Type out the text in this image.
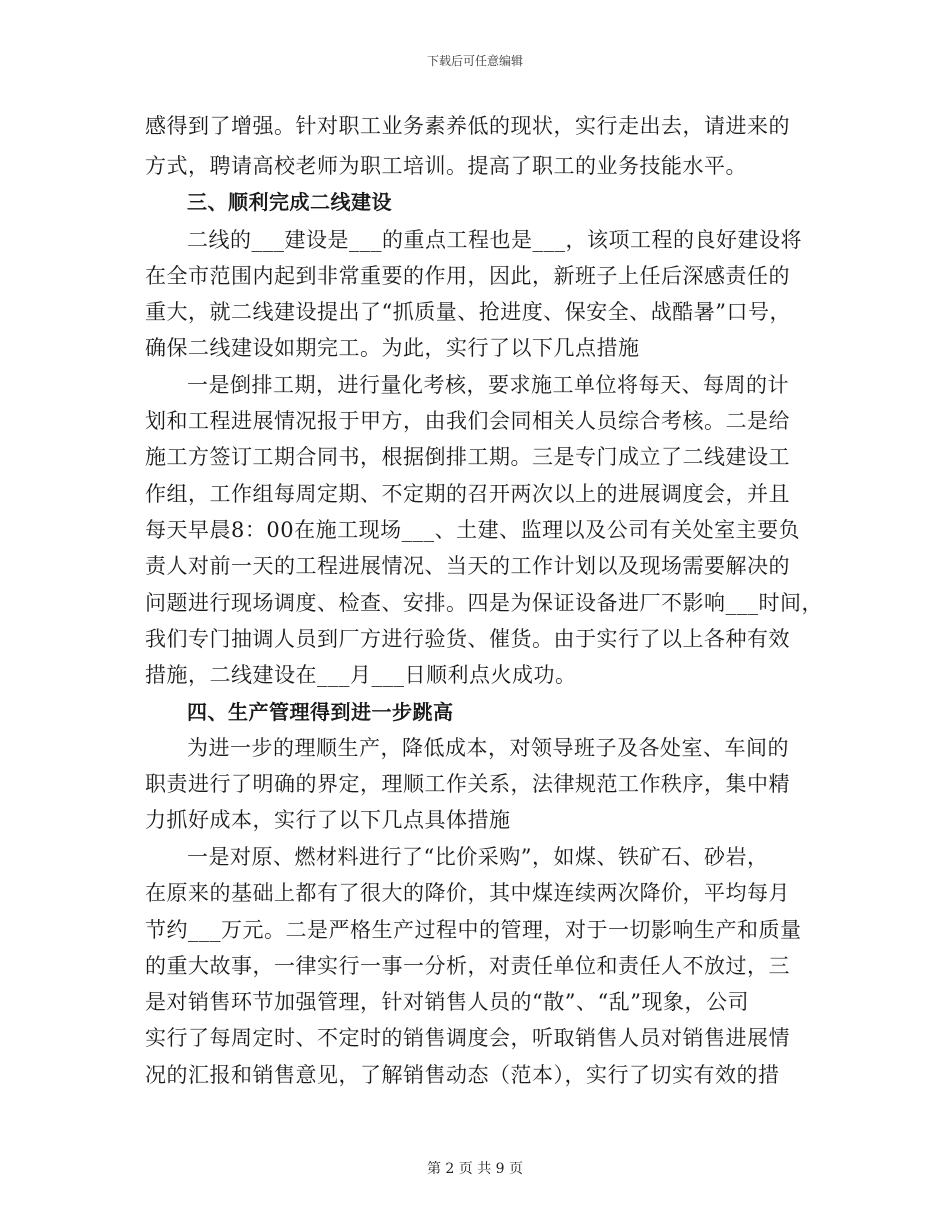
下载后可任意编辑
感得到了增强。针对职工业务素养低的现状，实行走出去，请进来的
方式，聘请高校老师为职工培训。提高了职工的业务技能水平。
三、顺利完成二线建设
二线的___建设是___的重点工程也是___，该项工程的良好建设将
在全市范围内起到非常重要的作用，因此，新班子上任后深感责任的
重大，就二线建设提出了“抓质量、抢进度、保安全、战酷暑”口号，
确保二线建设如期完工。为此，实行了以下几点措施
一是倒排工期，进行量化考核，要求施工单位将每天、每周的计
划和工程进展情况报于甲方，由我们会同相关人员综合考核。二是给
施工方签订工期合同书，根据倒排工期。三是专门成立了二线建设工
作组，工作组每周定期、不定期的召开两次以上的进展调度会，并且
每天早晨8：00在施工现场___、土建、监理以及公司有关处室主要负
责人对前一天的工程进展情况、当天的工作计划以及现场需要解决的
问题进行现场调度、检查、安排。四是为保证设备进厂不影响___时间，
我们专门抽调人员到厂方进行验货、催货。由于实行了以上各种有效
措施，二线建设在___月___日顺利点火成功。
四、生产管理得到进一步跳高
为进一步的理顺生产，降低成本，对领导班子及各处室、车间的
职责进行了明确的界定，理顺工作关系，法律规范工作秩序，集中精
力抓好成本，实行了以下几点具体措施
一是对原、燃材料进行了“比价采购”，如煤、铁矿石、砂岩，
在原来的基础上都有了很大的降价，其中煤连续两次降价，平均每月
节约___万元。二是严格生产过程中的管理，对于一切影响生产和质量
的重大故事，一律实行一事一分析，对责任单位和责任人不放过，三
是对销售环节加强管理，针对销售人员的“散”、“乱”现象，公司
实行了每周定时、不定时的销售调度会，听取销售人员对销售进展情
况的汇报和销售意见，了解销售动态（范本），实行了切实有效的措
第 2 页 共 9 页
